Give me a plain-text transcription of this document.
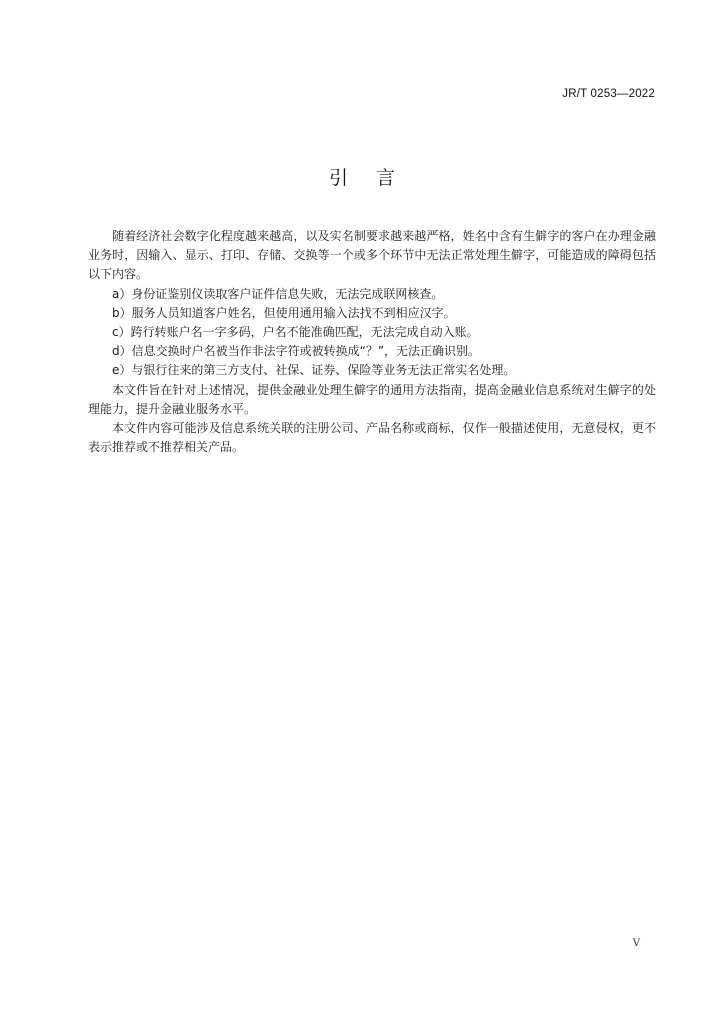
JR/T 0253—2022
引言

随着经济社会数字化程度越来越高，以及实名制要求越来越严格，姓名中含有生僻字的客户在办理金融业务时，因输入、显示、打印、存储、交换等一个或多个环节中无法正常处理生僻字，可能造成的障碍包括以下内容。

a）身份证鉴别仪读取客户证件信息失败，无法完成联网核查。

b）服务人员知道客户姓名，但使用通用输入法找不到相应汉字。

c）跨行转账户名一字多码，户名不能准确匹配，无法完成自动入账。

d）信息交换时户名被当作非法字符或被转换成“？”，无法正确识别。

e）与银行往来的第三方支付、社保、证券、保险等业务无法正常实名处理。

本文件旨在针对上述情况，提供金融业处理生僻字的通用方法指南，提高金融业信息系统对生僻字的处理能力，提升金融业服务水平。

本文件内容可能涉及信息系统关联的注册公司、产品名称或商标，仅作一般描述使用，无意侵权，更不表示推荐或不推荐相关产品。

V
